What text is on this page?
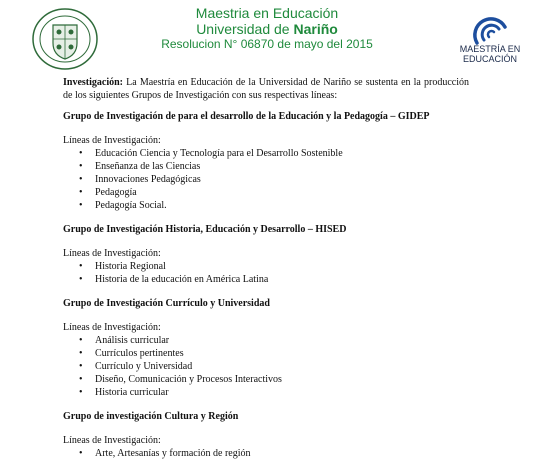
Maestria en Educación
Universidad de Nariño
Resolucion N° 06870 de mayo del 2015	MAESTRÍA EN
EDUCACIÓN

Investigación: La Maestría en Educación de la Universidad de Nariño se sustenta en la producción de los siguientes Grupos de Investigación con sus respectivas líneas:

Grupo de Investigación de para el desarrollo de la Educación y la Pedagogía – GIDEP

Líneas de Investigación:

• Educación Ciencia y Tecnología para el Desarrollo Sostenible
• Enseñanza de las Ciencias
• Innovaciones Pedagógicas
• Pedagogía
• Pedagogía Social.

Grupo de Investigación Historia, Educación y Desarrollo – HISED

Líneas de Investigación:

• Historia Regional
• Historia de la educación en América Latina

Grupo de Investigación Currículo y Universidad

Líneas de Investigación:

• Análisis curricular
• Currículos pertinentes
• Currículo y Universidad
• Diseño, Comunicación y Procesos Interactivos
• Historia curricular

Grupo de investigación Cultura y Región

Líneas de Investigación:

• Arte, Artesanías y formación de región
